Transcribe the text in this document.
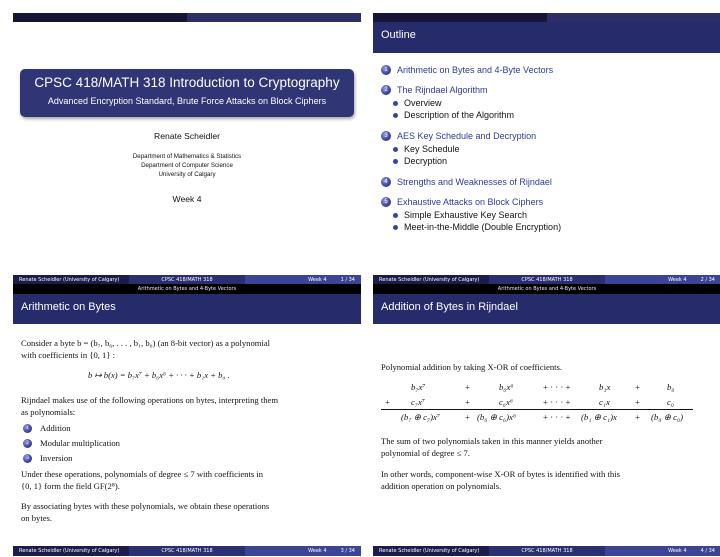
CPSC 418/MATH 318 Introduction to Cryptography
Advanced Encryption Standard, Brute Force Attacks on Block Ciphers
Renate Scheidler
Department of Mathematics & Statistics
Department of Computer Science
University of Calgary
Week 4
Renate Scheidler (University of Calgary)	CPSC 418/MATH 318	Week 4	1 / 34
Outline
1	Arithmetic on Bytes and 4-Byte Vectors
2	The Rijndael Algorithm
Overview
Description of the Algorithm
3	AES Key Schedule and Decryption
Key Schedule
Decryption
4	Strengths and Weaknesses of Rijndael
5	Exhaustive Attacks on Block Ciphers
Simple Exhaustive Key Search
Meet-in-the-Middle (Double Encryption)
Renate Scheidler (University of Calgary)	CPSC 418/MATH 318	Week 4	2 / 34
Arithmetic on Bytes and 4-Byte Vectors
Arithmetic on Bytes
Consider a byte b = (b₇, b₆, . . . , b₁, b₀) (an 8-bit vector) as a polynomial
with coefficients in {0, 1} :
b ↦ b(x) = b₇x⁷ + b₆x⁶ + · · · + b₁x + b₀ .
Rijndael makes use of the following operations on bytes, interpreting them
as polynomials:
1	Addition
2	Modular multiplication
3	Inversion
Under these operations, polynomials of degree ≤ 7 with coefficients in
{0, 1} form the field GF(2⁸).
By associating bytes with these polynomials, we obtain these operations
on bytes.
Renate Scheidler (University of Calgary)	CPSC 418/MATH 318	Week 4	3 / 34
Arithmetic on Bytes and 4-Byte Vectors
Addition of Bytes in Rijndael
Polynomial addition by taking X-OR of coefficients.
b₇x⁷	+	b₆x⁶	+ · · · +	b₁x	+	b₀
+ c₇x⁷	+	c₆x⁶	+ · · · +	c₁x	+	c₀
(b₇ ⊕ c₇)x⁷	+ (b₆ ⊕ c₆)x⁶	+ · · · + (b₁ ⊕ c₁)x + (b₀ ⊕ c₀)
The sum of two polynomials taken in this manner yields another
polynomial of degree ≤ 7.
In other words, component-wise X-OR of bytes is identified with this
addition operation on polynomials.
Renate Scheidler (University of Calgary)	CPSC 418/MATH 318	Week 4	4 / 34
